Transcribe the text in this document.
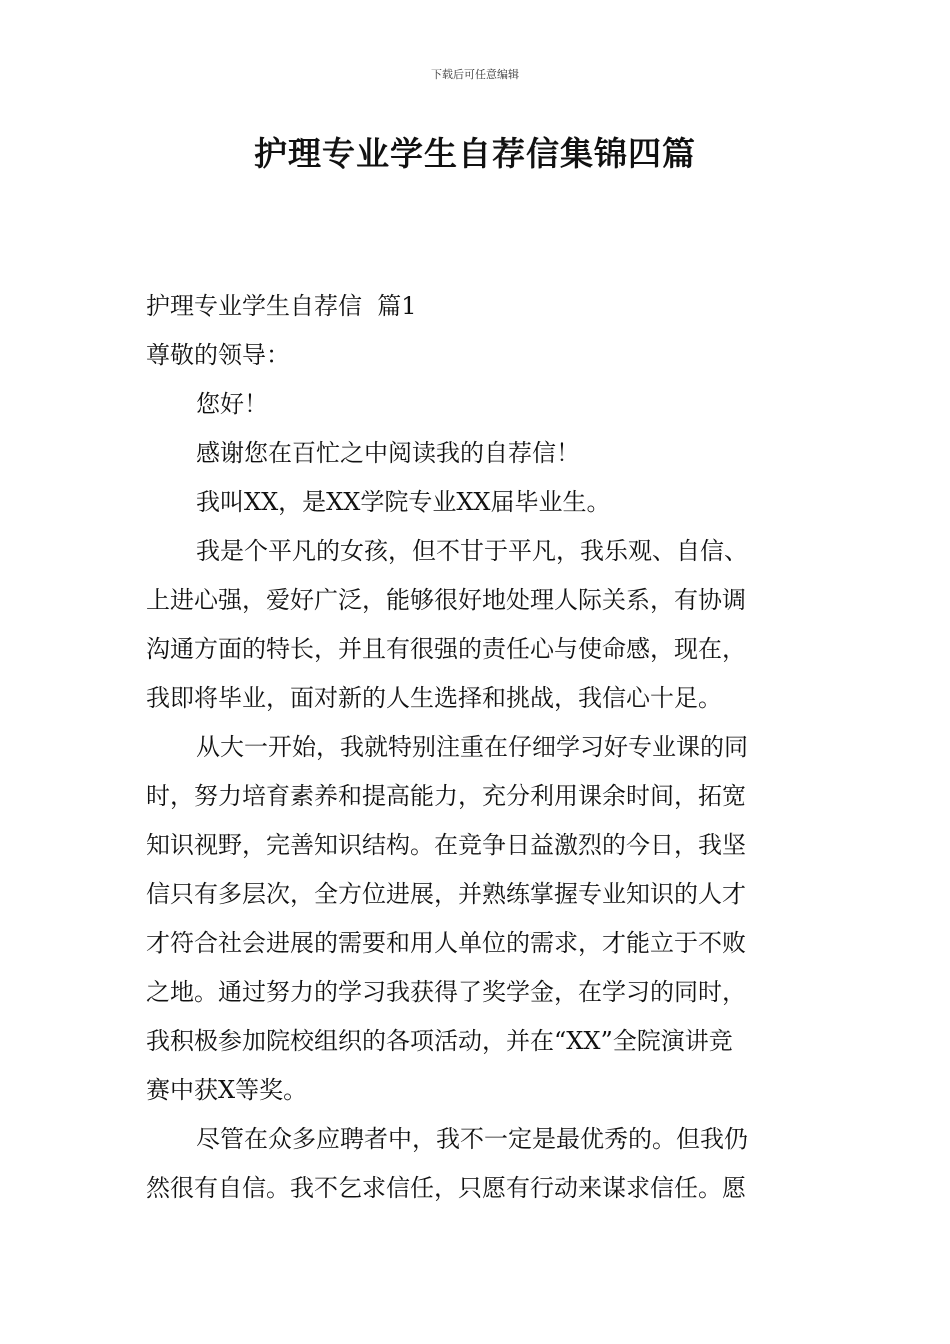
下载后可任意编辑
护理专业学生自荐信集锦四篇
护理专业学生自荐信  篇1
尊敬的领导：
您好！
感谢您在百忙之中阅读我的自荐信！
我叫XX，是XX学院专业XX届毕业生。
我是个平凡的女孩，但不甘于平凡，我乐观、自信、
上进心强，爱好广泛，能够很好地处理人际关系，有协调
沟通方面的特长，并且有很强的责任心与使命感，现在，
我即将毕业，面对新的人生选择和挑战，我信心十足。
从大一开始，我就特别注重在仔细学习好专业课的同
时，努力培育素养和提高能力，充分利用课余时间，拓宽
知识视野，完善知识结构。在竞争日益激烈的今日，我坚
信只有多层次，全方位进展，并熟练掌握专业知识的人才
才符合社会进展的需要和用人单位的需求，才能立于不败
之地。通过努力的学习我获得了奖学金，在学习的同时，
我积极参加院校组织的各项活动，并在“XX”全院演讲竞
赛中获X等奖。
尽管在众多应聘者中，我不一定是最优秀的。但我仍
然很有自信。我不乞求信任，只愿有行动来谋求信任。愿
